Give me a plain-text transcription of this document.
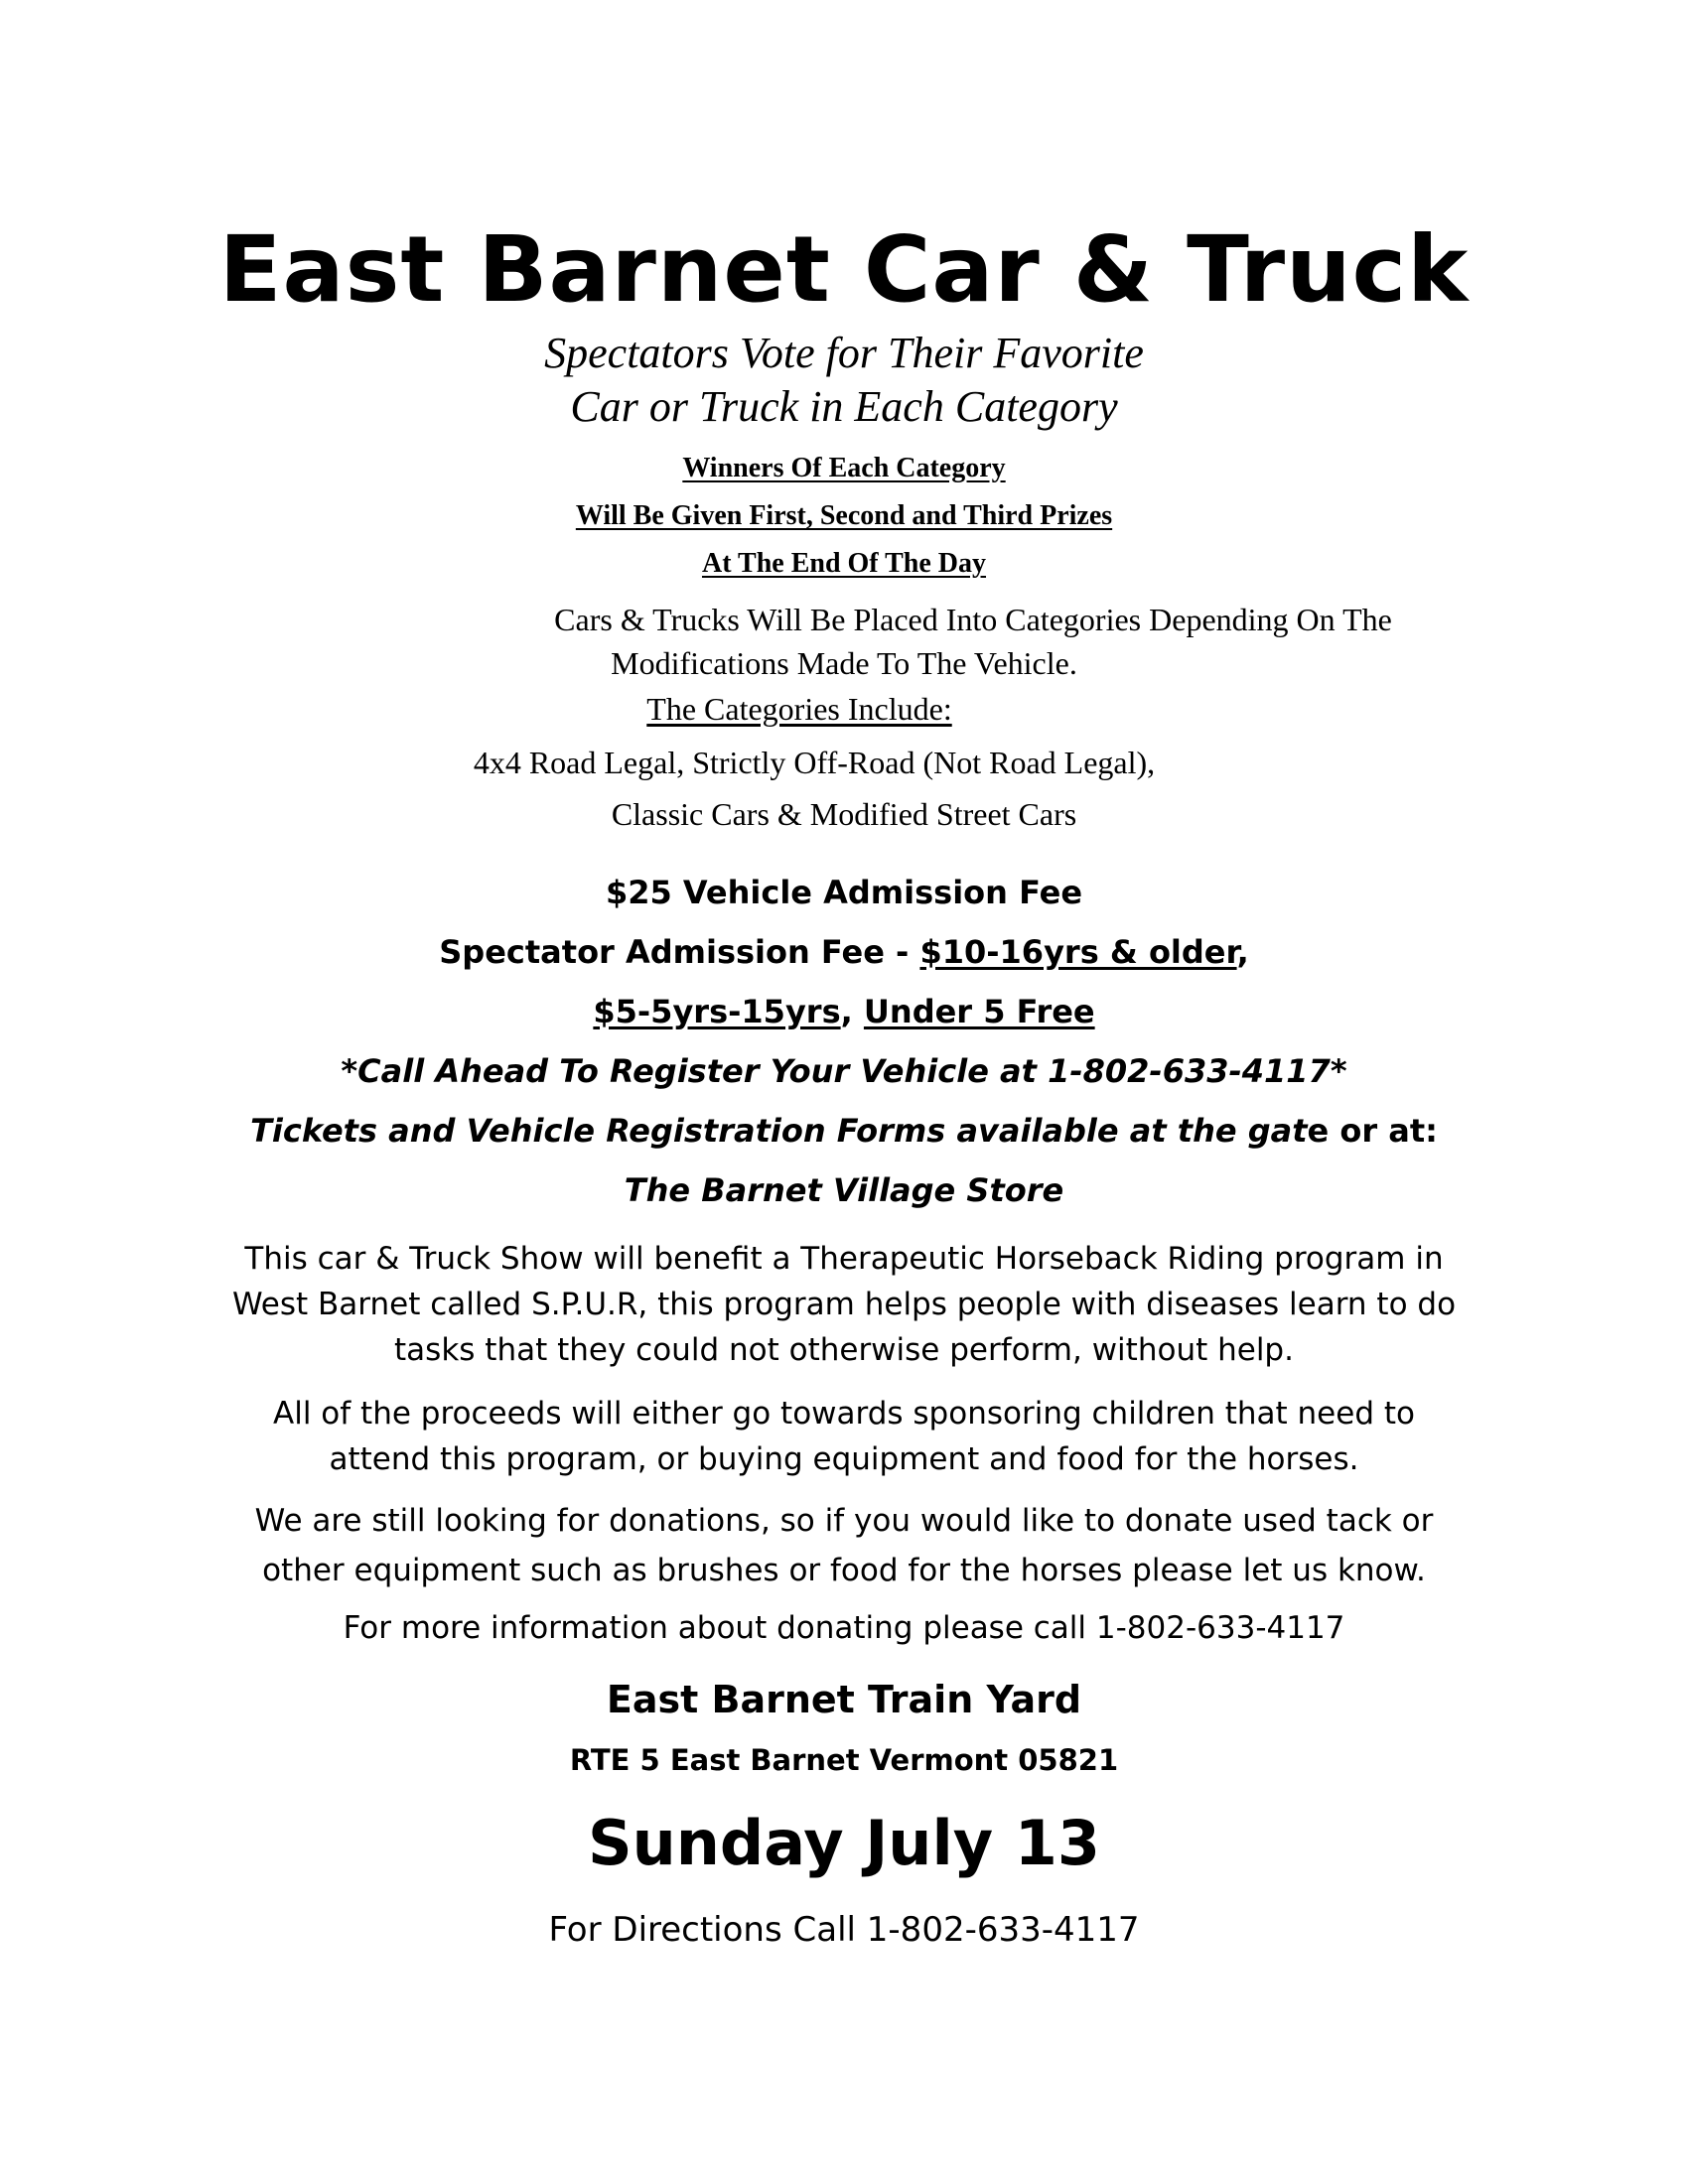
East Barnet Car & Truck
Spectators Vote for Their Favorite
Car or Truck in Each Category
Winners Of Each Category
Will Be Given First, Second and Third Prizes
At The End Of The Day
Cars & Trucks Will Be Placed Into Categories Depending On The
Modifications Made To The Vehicle.
The Categories Include:
4x4 Road Legal, Strictly Off-Road (Not Road Legal),
Classic Cars & Modified Street Cars
$25 Vehicle Admission Fee
Spectator Admission Fee - $10-16yrs & older,
$5-5yrs-15yrs, Under 5 Free
*Call Ahead To Register Your Vehicle at 1-802-633-4117*
Tickets and Vehicle Registration Forms available at the gate or at:
The Barnet Village Store
This car & Truck Show will benefit a Therapeutic Horseback Riding program in
West Barnet called S.P.U.R, this program helps people with diseases learn to do
tasks that they could not otherwise perform, without help.
All of the proceeds will either go towards sponsoring children that need to
attend this program, or buying equipment and food for the horses.
We are still looking for donations, so if you would like to donate used tack or
other equipment such as brushes or food for the horses please let us know.
For more information about donating please call 1-802-633-4117
East Barnet Train Yard
RTE 5 East Barnet Vermont 05821
Sunday July 13
For Directions Call 1-802-633-4117
